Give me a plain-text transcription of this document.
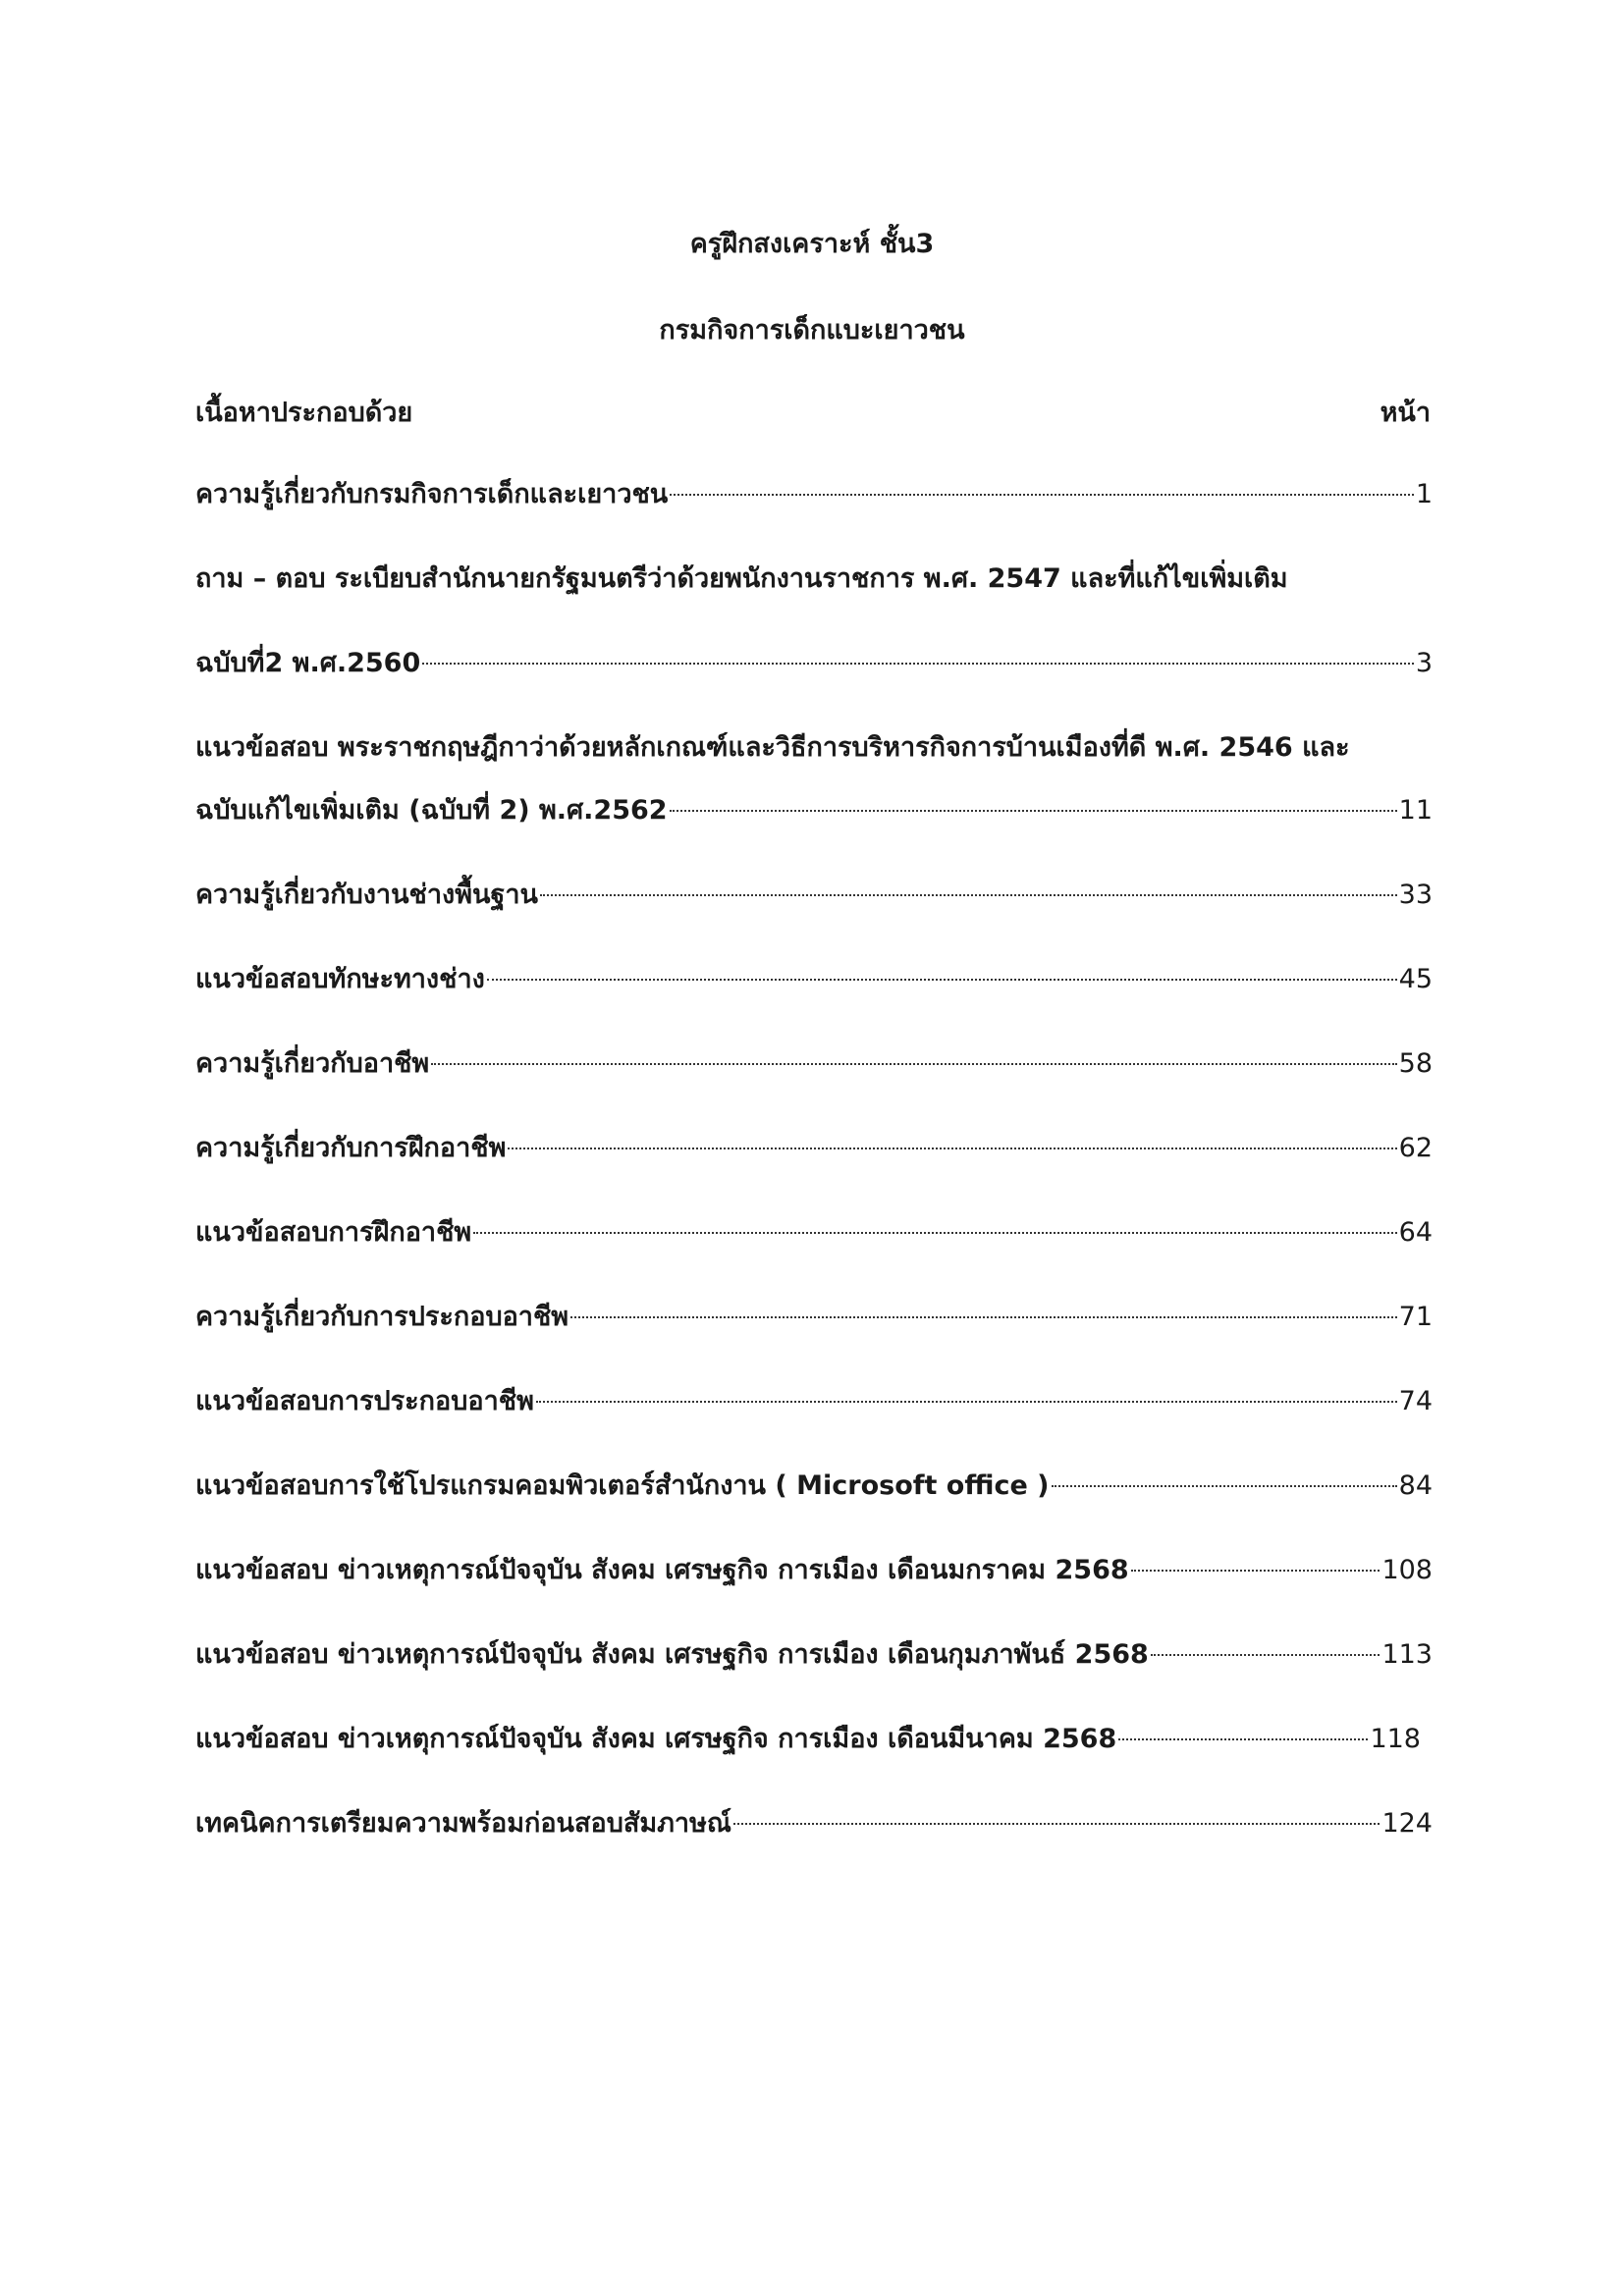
ครูฝึกสงเคราะห์ ชั้น3
กรมกิจการเด็กแบะเยาวชน
เนื้อหาประกอบด้วย	หน้า
ความรู้เกี่ยวกับกรมกิจการเด็กและเยาวชน	1
ถาม – ตอบ ระเบียบสำนักนายกรัฐมนตรีว่าด้วยพนักงานราชการ พ.ศ. 2547 และที่แก้ไขเพิ่มเติม
ฉบับที่2 พ.ศ.2560	3
แนวข้อสอบ พระราชกฤษฎีกาว่าด้วยหลักเกณฑ์และวิธีการบริหารกิจการบ้านเมืองที่ดี พ.ศ. 2546 และ
ฉบับแก้ไขเพิ่มเติม (ฉบับที่ 2) พ.ศ.2562	11
ความรู้เกี่ยวกับงานช่างพื้นฐาน	33
แนวข้อสอบทักษะทางช่าง	45
ความรู้เกี่ยวกับอาชีพ	58
ความรู้เกี่ยวกับการฝึกอาชีพ	62
แนวข้อสอบการฝึกอาชีพ	64
ความรู้เกี่ยวกับการประกอบอาชีพ	71
แนวข้อสอบการประกอบอาชีพ	74
แนวข้อสอบการใช้โปรแกรมคอมพิวเตอร์สำนักงาน ( Microsoft office )	84
แนวข้อสอบ ข่าวเหตุการณ์ปัจจุบัน สังคม เศรษฐกิจ การเมือง เดือนมกราคม 2568	108
แนวข้อสอบ ข่าวเหตุการณ์ปัจจุบัน สังคม เศรษฐกิจ การเมือง เดือนกุมภาพันธ์ 2568	113
แนวข้อสอบ ข่าวเหตุการณ์ปัจจุบัน สังคม เศรษฐกิจ การเมือง เดือนมีนาคม 2568	118
เทคนิคการเตรียมความพร้อมก่อนสอบสัมภาษณ์	124
